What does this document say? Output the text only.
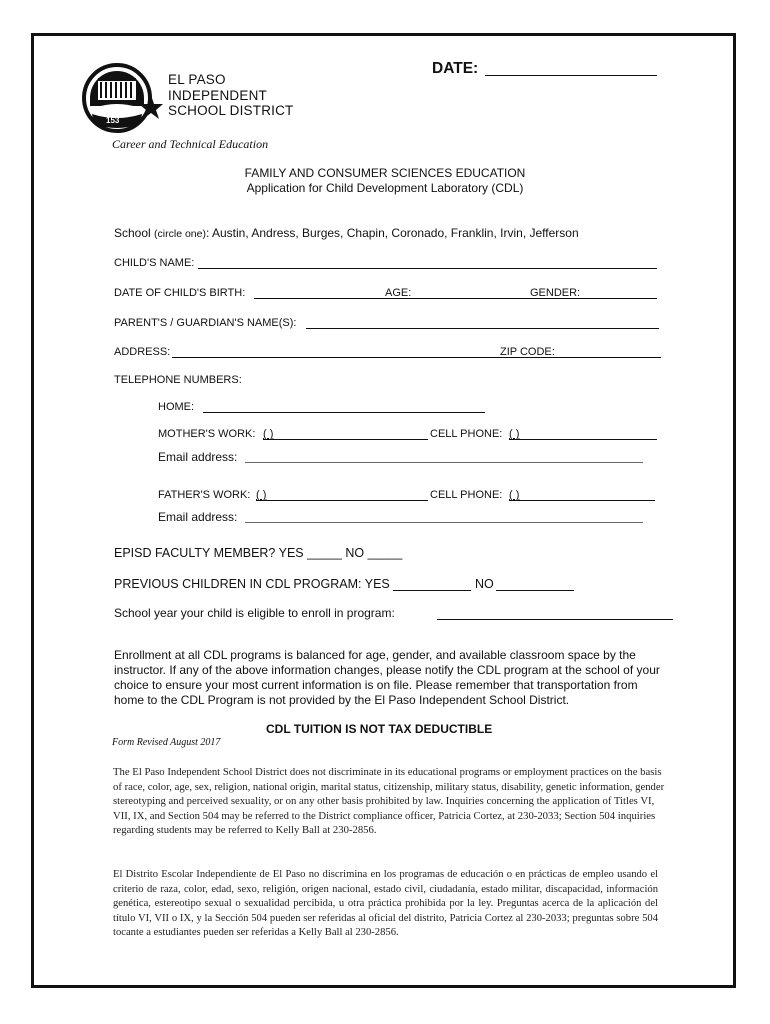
153
EL PASO
INDEPENDENT
SCHOOL DISTRICT
DATE:
Career and Technical Education
FAMILY AND CONSUMER SCIENCES EDUCATION
Application for Child Development Laboratory (CDL)
School (circle one): Austin, Andress, Burges, Chapin, Coronado, Franklin, Irvin, Jefferson
CHILD'S NAME:
DATE OF CHILD'S BIRTH:	AGE:	GENDER:
PARENT'S / GUARDIAN'S NAME(S):
ADDRESS:	ZIP CODE:
TELEPHONE NUMBERS:
HOME:
MOTHER'S WORK: ( )	CELL PHONE: ( )
Email address:
FATHER'S WORK: ( )	CELL PHONE: ( )
Email address:
EPISD FACULTY MEMBER? YES _____ NO _____
PREVIOUS CHILDREN IN CDL PROGRAM: YES	NO
School year your child is eligible to enroll in program:
Enrollment at all CDL programs is balanced for age, gender, and available classroom space by the instructor. If any of the above information changes, please notify the CDL program at the school of your choice to ensure your most current information is on file. Please remember that transportation from home to the CDL Program is not provided by the El Paso Independent School District.
CDL TUITION IS NOT TAX DEDUCTIBLE
Form Revised August 2017
The El Paso Independent School District does not discriminate in its educational programs or employment practices on the basis of race, color, age, sex, religion, national origin, marital status, citizenship, military status, disability, genetic information, gender stereotyping and perceived sexuality, or on any other basis prohibited by law. Inquiries concerning the application of Titles VI, VII, IX, and Section 504 may be referred to the District compliance officer, Patricia Cortez, at 230-2033; Section 504 inquiries regarding students may be referred to Kelly Ball at 230-2856.
El Distrito Escolar Independiente de El Paso no discrimina en los programas de educación o en prácticas de empleo usando el criterio de raza, color, edad, sexo, religión, origen nacional, estado civil, ciudadanía, estado militar, discapacidad, información genética, estereotipo sexual o sexualidad percibida, u otra práctica prohibida por la ley. Preguntas acerca de la aplicación del título VI, VII o IX, y la Sección 504 pueden ser referidas al oficial del distrito, Patricia Cortez al 230-2033; preguntas sobre 504 tocante a estudiantes pueden ser referidas a Kelly Ball al 230-2856.
